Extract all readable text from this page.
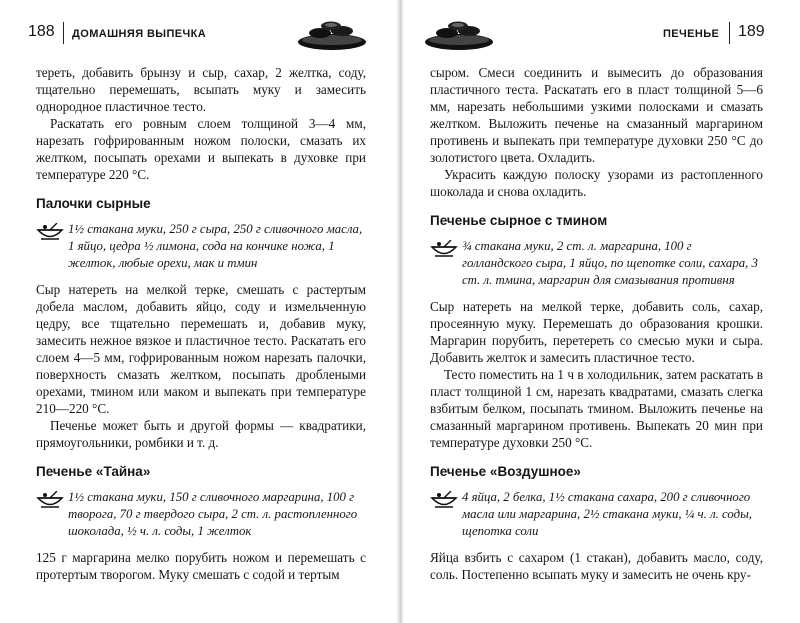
188 ДОМАШНЯЯ ВЫПЕЧКА

тереть, добавить брынзу и сыр, сахар, 2 желтка, соду, тщательно перемешать, всыпать муку и замесить однородное пластичное тесто.

Раскатать его ровным слоем толщиной 3—4 мм, нарезать гофрированным ножом полоски, смазать их желтком, посыпать орехами и выпекать в духовке при температуре 220 °С.

Палочки сырные
1½ стакана муки, 250 г сыра, 250 г сливочного масла, 1 яйцо, цедра ½ лимона, сода на кончике ножа, 1 желток, любые орехи, мак и тмин

Сыр натереть на мелкой терке, смешать с растертым добела маслом, добавить яйцо, соду и измельченную цедру, все тщательно перемешать и, добавив муку, замесить нежное вязкое и пластичное тесто. Раскатать его слоем 4—5 мм, гофрированным ножом нарезать палочки, поверхность смазать желтком, посыпать дроблеными орехами, тмином или маком и выпекать при температуре 210—220 °С.

Печенье может быть и другой формы — квадратики, прямоугольники, ромбики и т. д.

Печенье «Тайна»
1½ стакана муки, 150 г сливочного маргарина, 100 г творога, 70 г твердого сыра, 2 ст. л. растопленного шоколада, ½ ч. л. соды, 1 желток

125 г маргарина мелко порубить ножом и перемешать с протертым творогом. Муку смешать с содой и тертым

ПЕЧЕНЬЕ 189

сыром. Смеси соединить и вымесить до образования пластичного теста. Раскатать его в пласт толщиной 5—6 мм, нарезать небольшими узкими полосками и смазать желтком. Выложить печенье на смазанный маргарином противень и выпекать при температуре духовки 250 °С до золотистого цвета. Охладить.

Украсить каждую полоску узорами из растопленного шоколада и снова охладить.

Печенье сырное с тмином
¾ стакана муки, 2 ст. л. маргарина, 100 г голландского сыра, 1 яйцо, по щепотке соли, сахара, 3 ст. л. тмина, маргарин для смазывания противня

Сыр натереть на мелкой терке, добавить соль, сахар, просеянную муку. Перемешать до образования крошки. Маргарин порубить, перетереть со смесью муки и сыра. Добавить желток и замесить пластичное тесто.

Тесто поместить на 1 ч в холодильник, затем раскатать в пласт толщиной 1 см, нарезать квадратами, смазать слегка взбитым белком, посыпать тмином. Выложить печенье на смазанный маргарином противень. Выпекать 20 мин при температуре духовки 250 °С.

Печенье «Воздушное»
4 яйца, 2 белка, 1½ стакана сахара, 200 г сливочного масла или маргарина, 2½ стакана муки, ¼ ч. л. соды, щепотка соли

Яйца взбить с сахаром (1 стакан), добавить масло, соду, соль. Постепенно всыпать муку и замесить не очень кру-
